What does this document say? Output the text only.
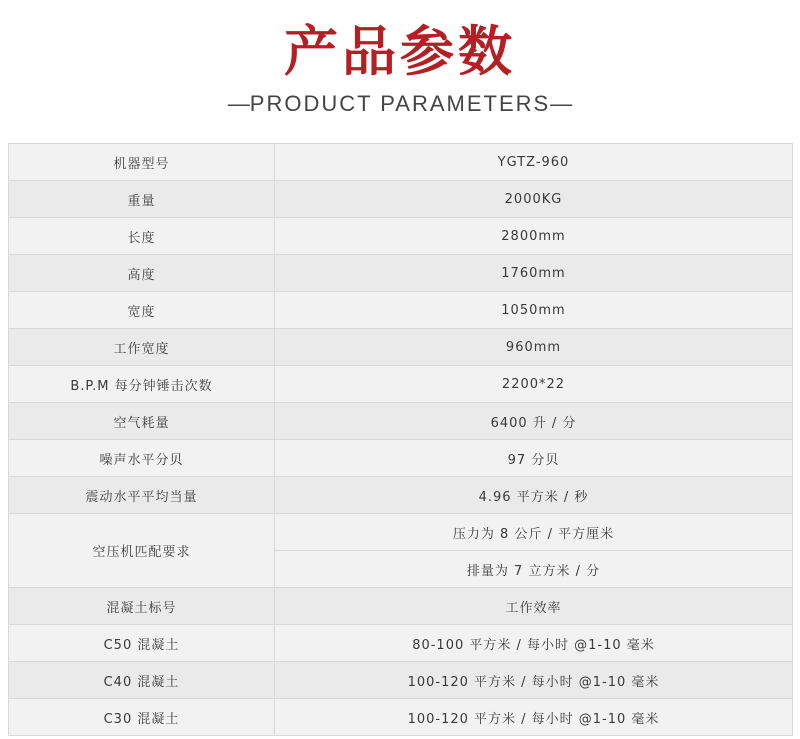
产品参数
—PRODUCT PARAMETERS—
机器型号	YGTZ-960
重量	2000KG
长度	2800mm
高度	1760mm
宽度	1050mm
工作宽度	960mm
B.P.M 每分钟锤击次数	2200*22
空气耗量	6400 升 / 分
噪声水平分贝	97 分贝
震动水平平均当量	4.96 平方米 / 秒
空压机匹配要求	压力为 8 公斤 / 平方厘米
	排量为 7 立方米 / 分
混凝土标号	工作效率
C50 混凝土	80-100 平方米 / 每小时 @1-10 毫米
C40 混凝土	100-120 平方米 / 每小时 @1-10 毫米
C30 混凝土	100-120 平方米 / 每小时 @1-10 毫米
